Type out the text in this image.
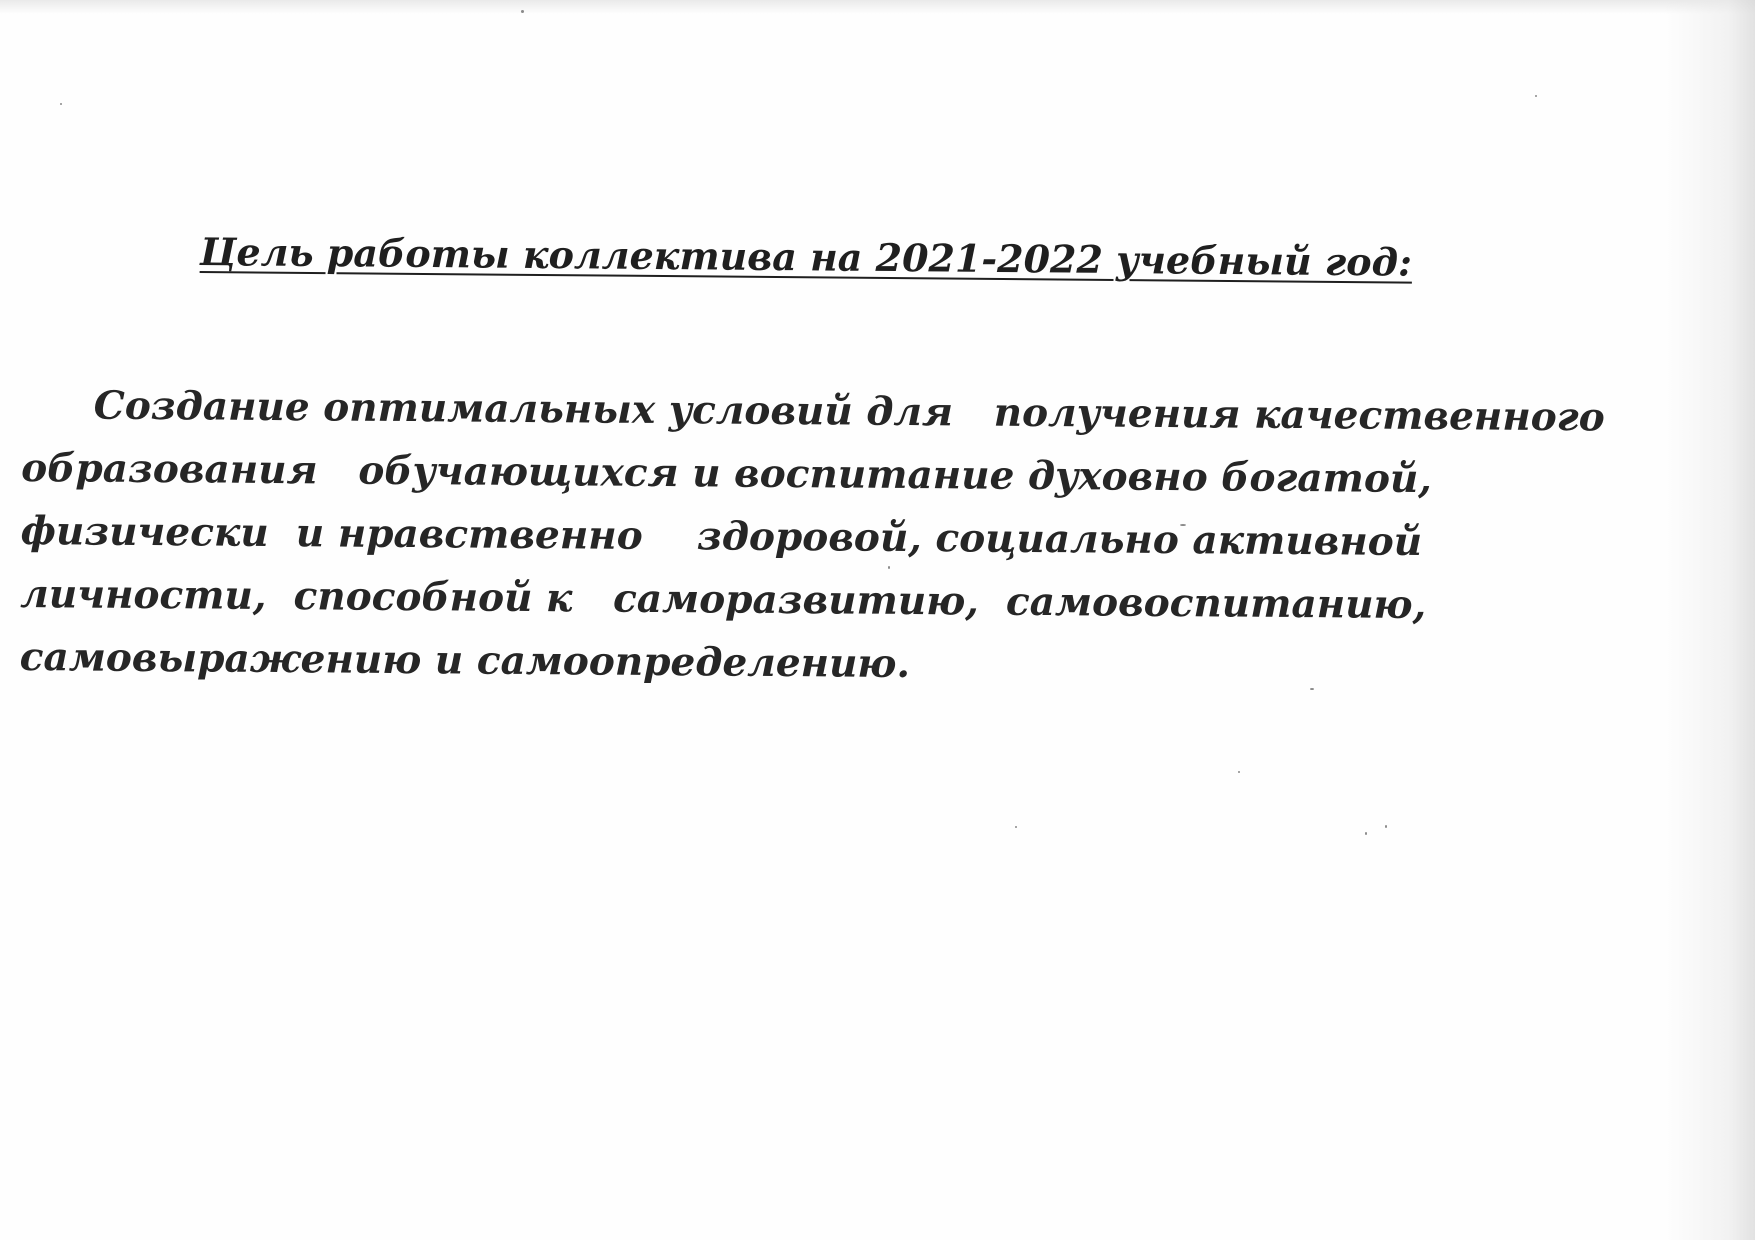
Цель работы коллектива на 2021-2022 учебный год:
Создание оптимальных условий для   получения качественного
образования   обучающихся и воспитание духовно богатой,
физически  и нравственно    здоровой, социально активной
личности,  способной к   саморазвитию,  самовоспитанию,
самовыражению и самоопределению.
